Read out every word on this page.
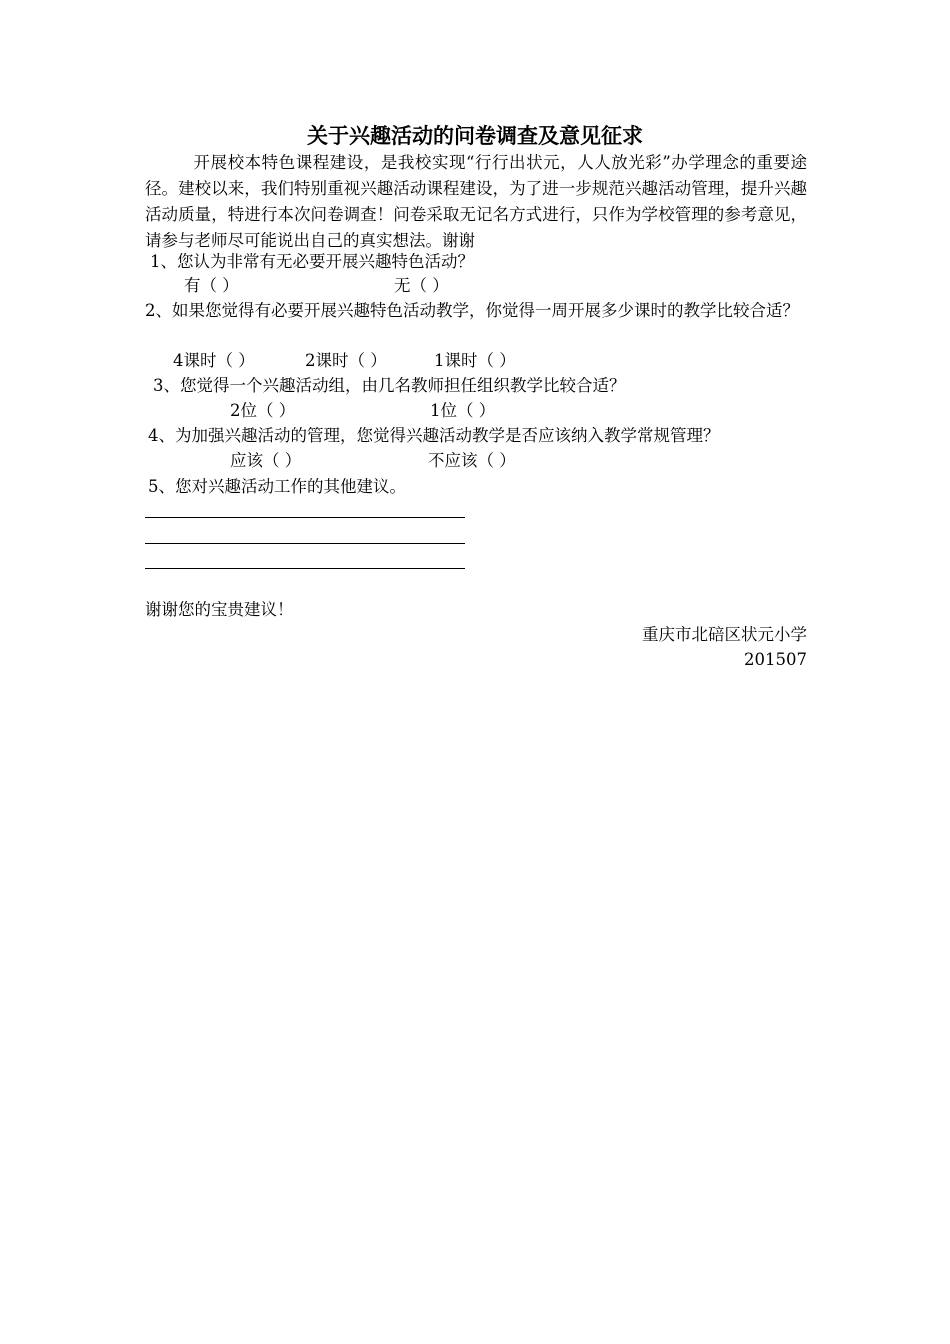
关于兴趣活动的问卷调查及意见征求
开展校本特色课程建设，是我校实现“行行出状元，人人放光彩”办学理念的重要途径。建校以来，我们特别重视兴趣活动课程建设，为了进一步规范兴趣活动管理，提升兴趣活动质量，特进行本次问卷调查！问卷采取无记名方式进行，只作为学校管理的参考意见，请参与老师尽可能说出自己的真实想法。谢谢
1、您认为非常有无必要开展兴趣特色活动？
有（ ）	无（ ）
2、如果您觉得有必要开展兴趣特色活动教学，你觉得一周开展多少课时的教学比较合适？
4课时（ ）	2课时（ ）	1课时（ ）
3、您觉得一个兴趣活动组，由几名教师担任组织教学比较合适？
2位（ ）	1位（ ）
4、为加强兴趣活动的管理，您觉得兴趣活动教学是否应该纳入教学常规管理？
应该（ ）	不应该（ ）
5、您对兴趣活动工作的其他建议。
谢谢您的宝贵建议！
重庆市北碚区状元小学
201507
